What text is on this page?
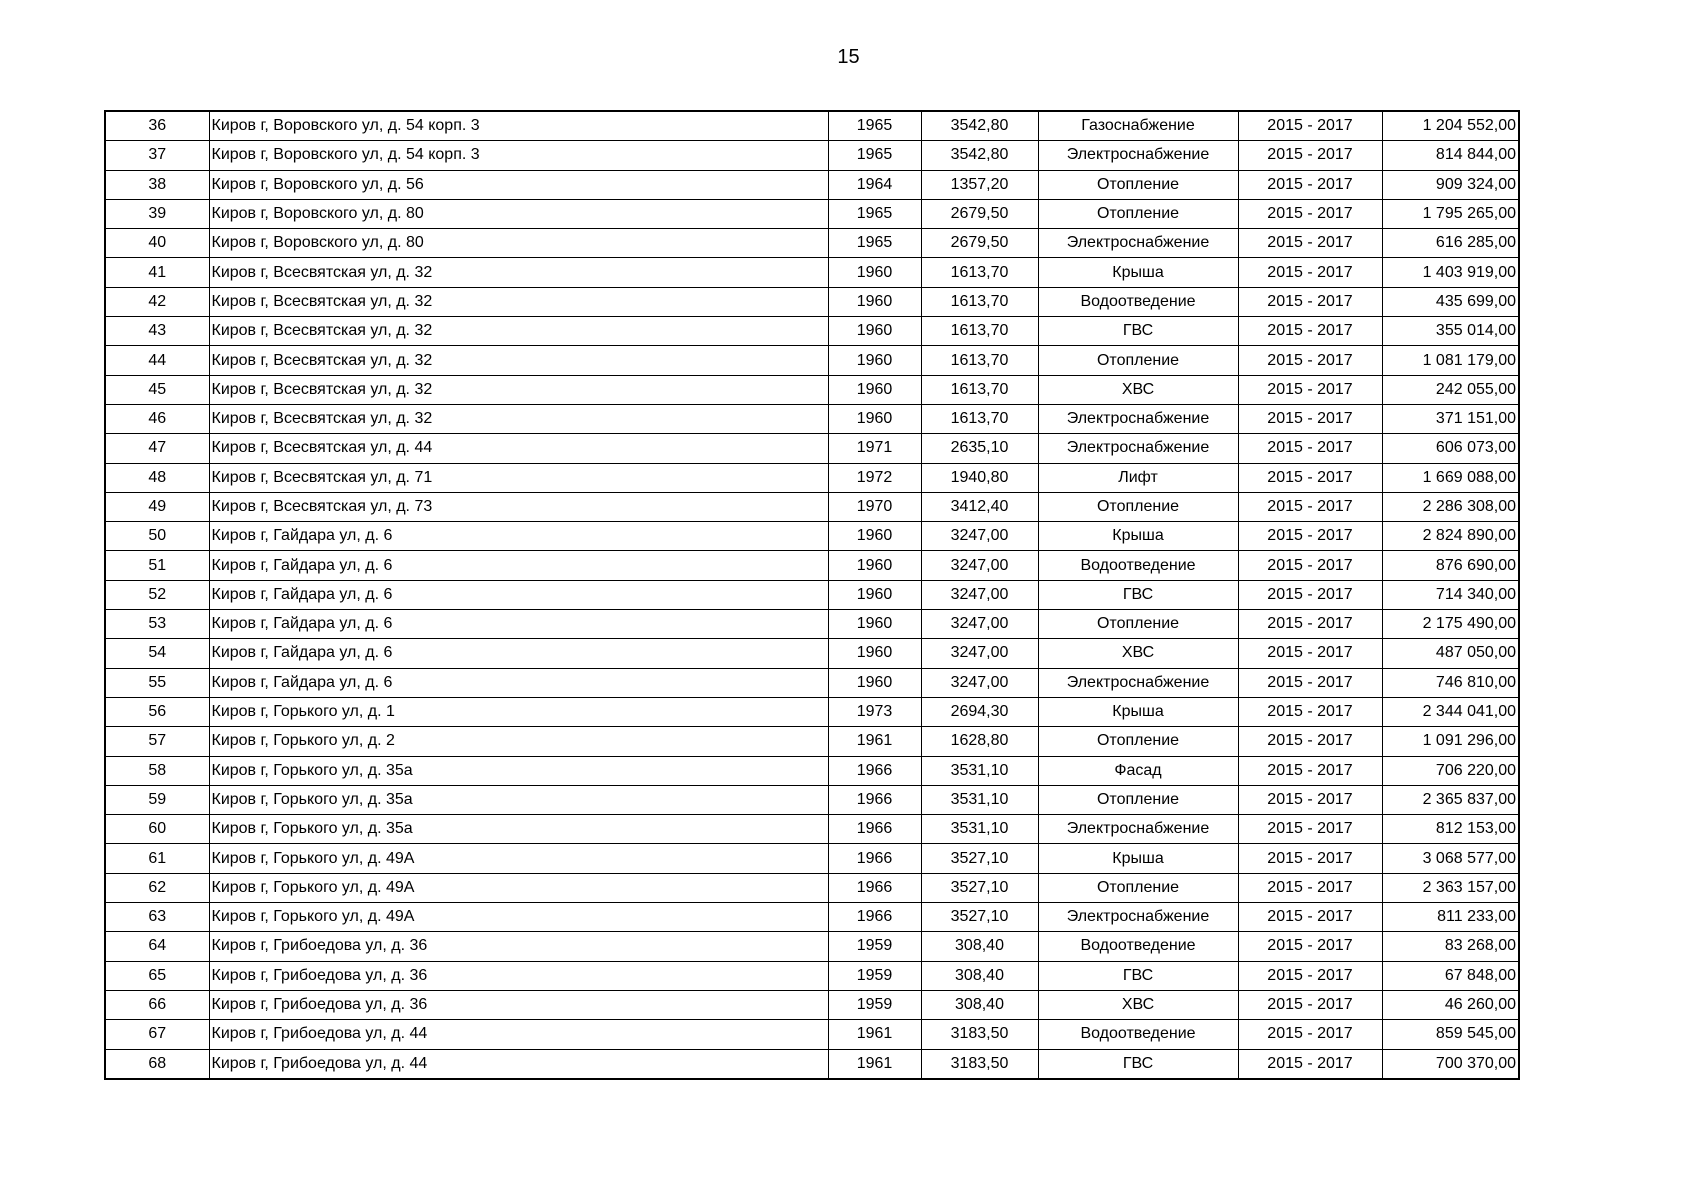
15
36	Киров г, Воровского ул, д. 54 корп. 3	1965	3542,80	Газоснабжение	2015 - 2017	1 204 552,00
37	Киров г, Воровского ул, д. 54 корп. 3	1965	3542,80	Электроснабжение	2015 - 2017	814 844,00
38	Киров г, Воровского ул, д. 56	1964	1357,20	Отопление	2015 - 2017	909 324,00
39	Киров г, Воровского ул, д. 80	1965	2679,50	Отопление	2015 - 2017	1 795 265,00
40	Киров г, Воровского ул, д. 80	1965	2679,50	Электроснабжение	2015 - 2017	616 285,00
41	Киров г, Всесвятская ул, д. 32	1960	1613,70	Крыша	2015 - 2017	1 403 919,00
42	Киров г, Всесвятская ул, д. 32	1960	1613,70	Водоотведение	2015 - 2017	435 699,00
43	Киров г, Всесвятская ул, д. 32	1960	1613,70	ГВС	2015 - 2017	355 014,00
44	Киров г, Всесвятская ул, д. 32	1960	1613,70	Отопление	2015 - 2017	1 081 179,00
45	Киров г, Всесвятская ул, д. 32	1960	1613,70	ХВС	2015 - 2017	242 055,00
46	Киров г, Всесвятская ул, д. 32	1960	1613,70	Электроснабжение	2015 - 2017	371 151,00
47	Киров г, Всесвятская ул, д. 44	1971	2635,10	Электроснабжение	2015 - 2017	606 073,00
48	Киров г, Всесвятская ул, д. 71	1972	1940,80	Лифт	2015 - 2017	1 669 088,00
49	Киров г, Всесвятская ул, д. 73	1970	3412,40	Отопление	2015 - 2017	2 286 308,00
50	Киров г, Гайдара ул, д. 6	1960	3247,00	Крыша	2015 - 2017	2 824 890,00
51	Киров г, Гайдара ул, д. 6	1960	3247,00	Водоотведение	2015 - 2017	876 690,00
52	Киров г, Гайдара ул, д. 6	1960	3247,00	ГВС	2015 - 2017	714 340,00
53	Киров г, Гайдара ул, д. 6	1960	3247,00	Отопление	2015 - 2017	2 175 490,00
54	Киров г, Гайдара ул, д. 6	1960	3247,00	ХВС	2015 - 2017	487 050,00
55	Киров г, Гайдара ул, д. 6	1960	3247,00	Электроснабжение	2015 - 2017	746 810,00
56	Киров г, Горького ул, д. 1	1973	2694,30	Крыша	2015 - 2017	2 344 041,00
57	Киров г, Горького ул, д. 2	1961	1628,80	Отопление	2015 - 2017	1 091 296,00
58	Киров г, Горького ул, д. 35а	1966	3531,10	Фасад	2015 - 2017	706 220,00
59	Киров г, Горького ул, д. 35а	1966	3531,10	Отопление	2015 - 2017	2 365 837,00
60	Киров г, Горького ул, д. 35а	1966	3531,10	Электроснабжение	2015 - 2017	812 153,00
61	Киров г, Горького ул, д. 49А	1966	3527,10	Крыша	2015 - 2017	3 068 577,00
62	Киров г, Горького ул, д. 49А	1966	3527,10	Отопление	2015 - 2017	2 363 157,00
63	Киров г, Горького ул, д. 49А	1966	3527,10	Электроснабжение	2015 - 2017	811 233,00
64	Киров г, Грибоедова ул, д. 36	1959	308,40	Водоотведение	2015 - 2017	83 268,00
65	Киров г, Грибоедова ул, д. 36	1959	308,40	ГВС	2015 - 2017	67 848,00
66	Киров г, Грибоедова ул, д. 36	1959	308,40	ХВС	2015 - 2017	46 260,00
67	Киров г, Грибоедова ул, д. 44	1961	3183,50	Водоотведение	2015 - 2017	859 545,00
68	Киров г, Грибоедова ул, д. 44	1961	3183,50	ГВС	2015 - 2017	700 370,00
